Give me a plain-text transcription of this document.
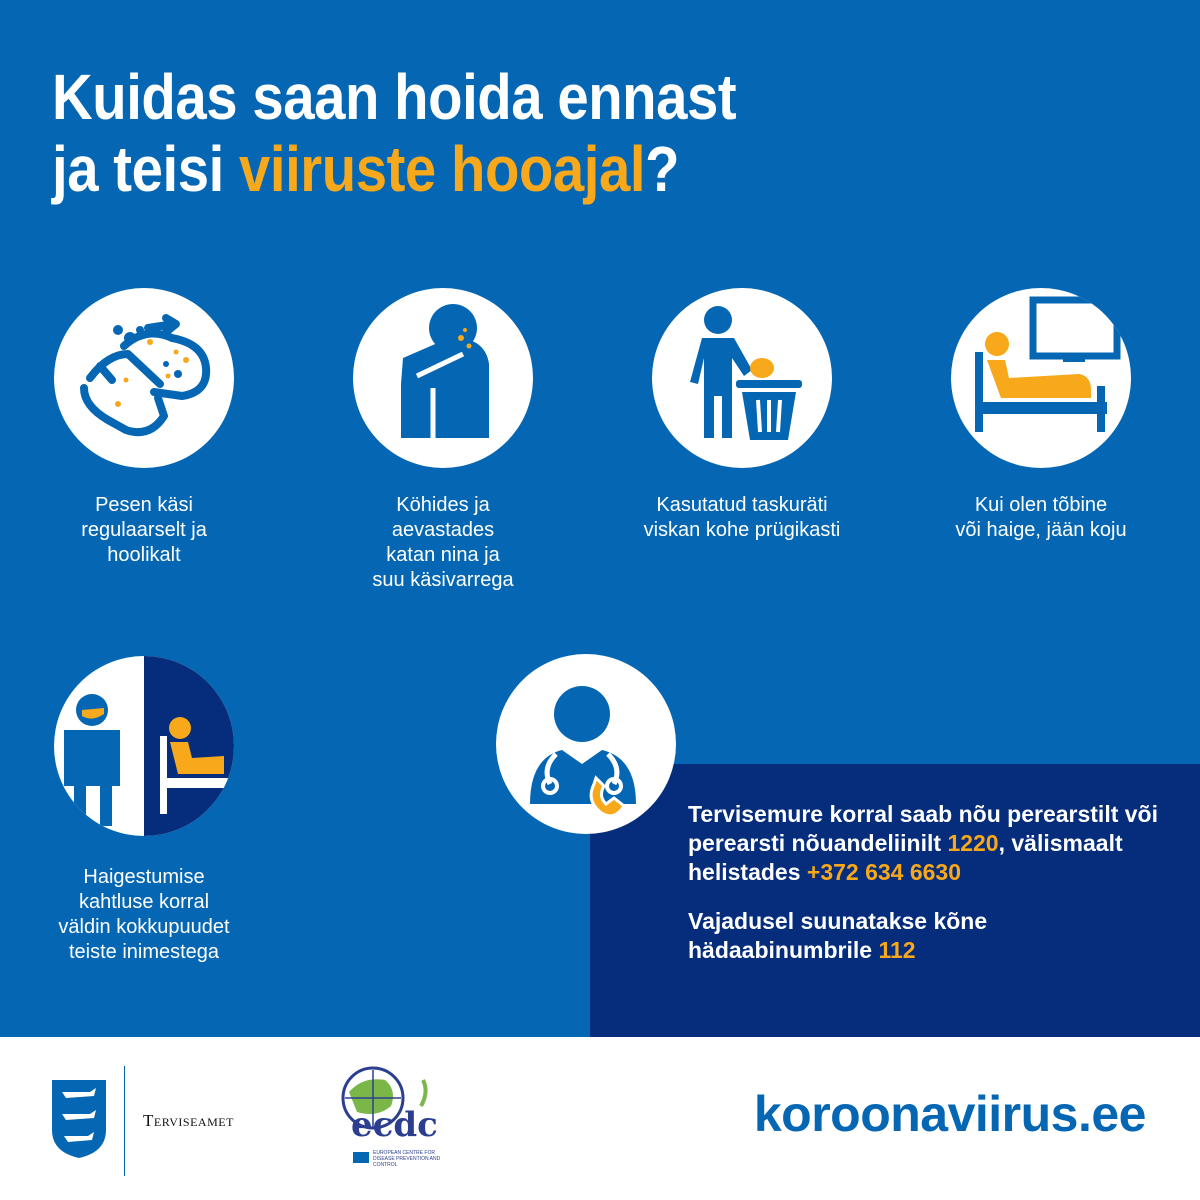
Kuidas saan hoida ennast
ja teisi viiruste hooajal?
Pesen käsi
regulaarselt ja
hoolikalt
Köhides ja
aevastades
katan nina ja
suu käsivarrega
Kasutatud taskuräti
viskan kohe prügikasti
Kui olen tõbine
või haige, jään koju
Haigestumise
kahtluse korral
väldin kokkupuudet
teiste inimestega

Tervisemure korral saab nõu perearstilt või perearsti nõuandeliinilt 1220, välismaalt helistades +372 634 6630

Vajadusel suunatakse kõne hädaabinumbrile 112

Terviseamet	ecdc
EUROPEAN CENTRE FOR DISEASE PREVENTION AND CONTROL
koroonaviirus.ee
